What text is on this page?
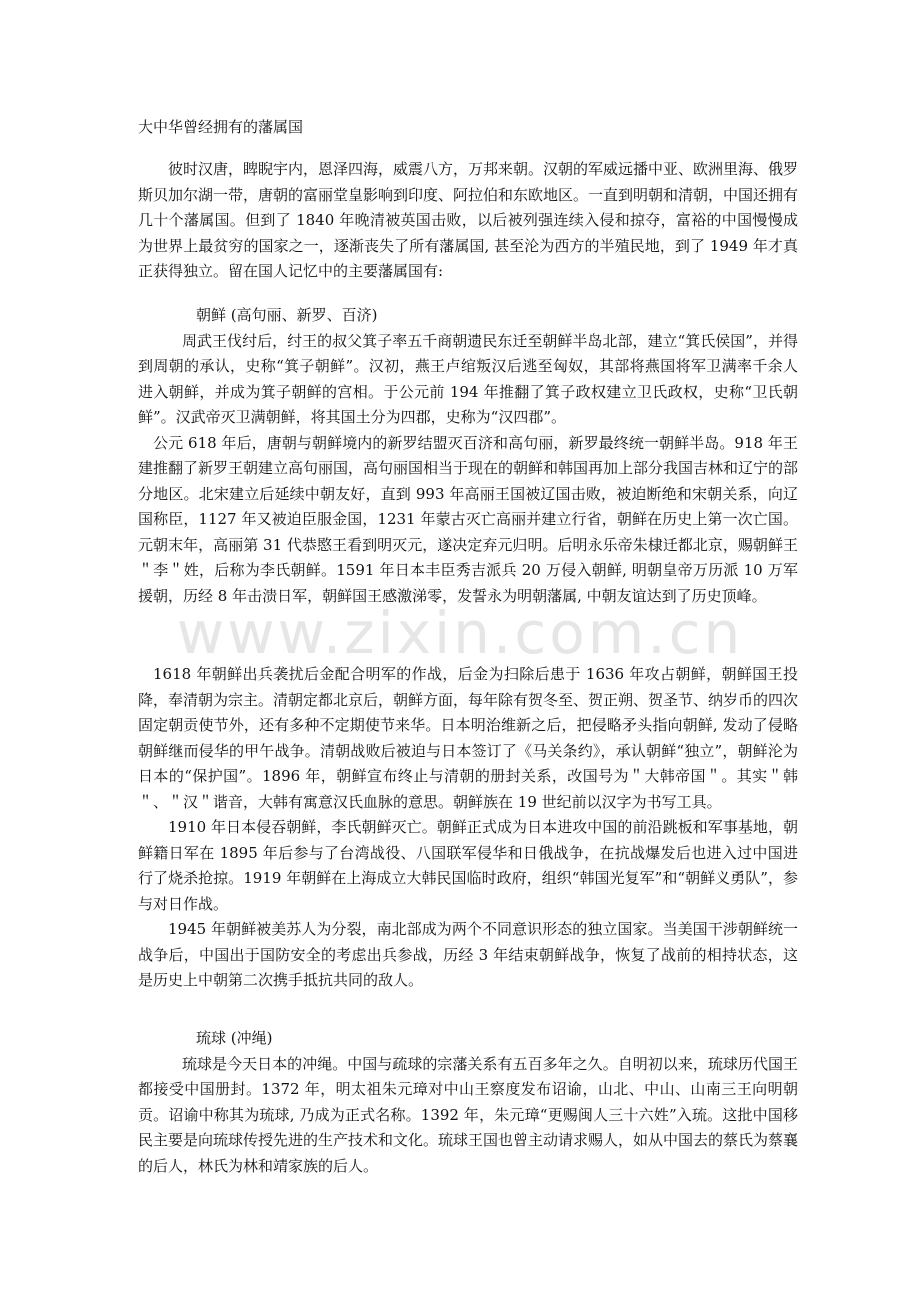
www.zixin.com.cn
大中华曾经拥有的藩属国

彼时汉唐，睥睨宇内，恩泽四海，威震八方，万邦来朝。汉朝的军威远播中亚、欧洲里海、俄罗斯贝加尔湖一带，唐朝的富丽堂皇影响到印度、阿拉伯和东欧地区。一直到明朝和清朝，中国还拥有几十个藩属国。但到了 1840 年晚清被英国击败，以后被列强连续入侵和掠夺，富裕的中国慢慢成为世界上最贫穷的国家之一，逐渐丧失了所有藩属国, 甚至沦为西方的半殖民地，到了 1949 年才真正获得独立。留在国人记忆中的主要藩属国有:

朝鲜 (高句丽、新罗、百济)

周武王伐纣后，纣王的叔父箕子率五千商朝遗民东迁至朝鲜半岛北部，建立“箕氏侯国”，并得到周朝的承认，史称“箕子朝鲜”。汉初，燕王卢绾叛汉后逃至匈奴，其部将燕国将军卫满率千余人进入朝鲜，并成为箕子朝鲜的宫相。于公元前 194 年推翻了箕子政权建立卫氏政权，史称“卫氏朝鲜”。汉武帝灭卫满朝鲜，将其国土分为四郡，史称为“汉四郡”。

公元 618 年后，唐朝与朝鲜境内的新罗结盟灭百济和高句丽，新罗最终统一朝鲜半岛。918 年王建推翻了新罗王朝建立高句丽国，高句丽国相当于现在的朝鲜和韩国再加上部分我国吉林和辽宁的部分地区。北宋建立后延续中朝友好，直到 993 年高丽王国被辽国击败，被迫断绝和宋朝关系，向辽国称臣，1127 年又被迫臣服金国，1231 年蒙古灭亡高丽并建立行省，朝鲜在历史上第一次亡国。元朝末年，高丽第 31 代恭愍王看到明灭元，遂决定弃元归明。后明永乐帝朱棣迁都北京，赐朝鲜王＂李＂姓，后称为李氏朝鲜。1591 年日本丰臣秀吉派兵 20 万侵入朝鲜, 明朝皇帝万历派 10 万军援朝，历经 8 年击溃日军，朝鲜国王感激涕零，发誓永为明朝藩属, 中朝友谊达到了历史顶峰。

1618 年朝鲜出兵袭扰后金配合明军的作战，后金为扫除后患于 1636 年攻占朝鲜，朝鲜国王投降，奉清朝为宗主。清朝定都北京后，朝鲜方面，每年除有贺冬至、贺正朔、贺圣节、纳岁币的四次固定朝贡使节外，还有多种不定期使节来华。日本明治维新之后，把侵略矛头指向朝鲜, 发动了侵略朝鲜继而侵华的甲午战争。清朝战败后被迫与日本签订了《马关条约》，承认朝鲜“独立”，朝鲜沦为日本的“保护国”。1896 年，朝鲜宣布终止与清朝的册封关系，改国号为＂大韩帝国＂。其实＂韩＂、＂汉＂谐音，大韩有寓意汉氏血脉的意思。朝鲜族在 19 世纪前以汉字为书写工具。

1910 年日本侵吞朝鲜，李氏朝鲜灭亡。朝鲜正式成为日本进攻中国的前沿跳板和军事基地，朝鲜籍日军在 1895 年后参与了台湾战役、八国联军侵华和日俄战争，在抗战爆发后也进入过中国进行了烧杀抢掠。1919 年朝鲜在上海成立大韩民国临时政府，组织“韩国光复军”和“朝鲜义勇队”，参与对日作战。

1945 年朝鲜被美苏人为分裂，南北部成为两个不同意识形态的独立国家。当美国干涉朝鲜统一战争后，中国出于国防安全的考虑出兵参战，历经 3 年结束朝鲜战争，恢复了战前的相持状态，这是历史上中朝第二次携手抵抗共同的敌人。

琉球 (冲绳)

琉球是今天日本的冲绳。中国与疏球的宗藩关系有五百多年之久。自明初以来，琉球历代国王都接受中国册封。1372 年，明太祖朱元璋对中山王察度发布诏谕，山北、中山、山南三王向明朝贡。诏谕中称其为琉球, 乃成为正式名称。1392 年，朱元璋“更赐闽人三十六姓”入琉。这批中国移民主要是向琉球传授先进的生产技术和文化。琉球王国也曾主动请求赐人，如从中国去的蔡氏为蔡襄的后人，林氏为林和靖家族的后人。
